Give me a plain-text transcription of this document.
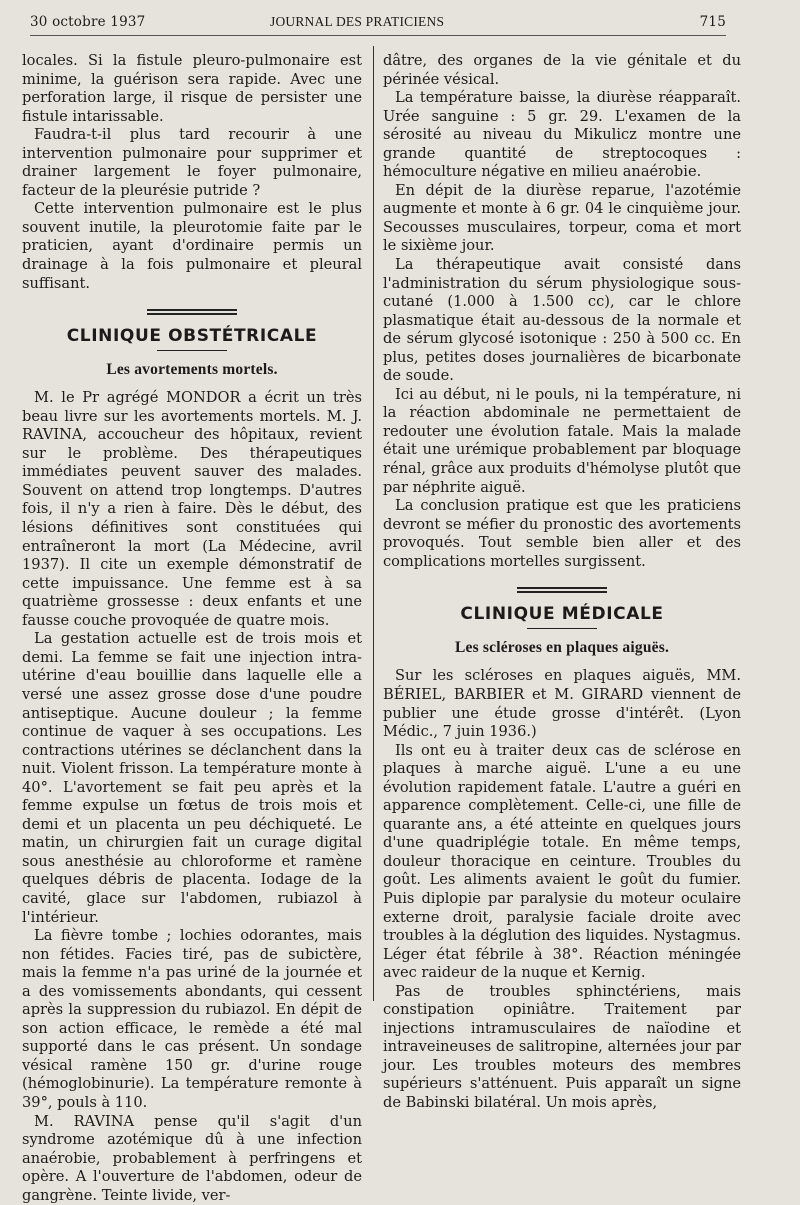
30 octobre 1937	JOURNAL DES PRATICIENS	715

locales. Si la fistule pleuro-pulmonaire est minime, la guérison sera rapide. Avec une perforation large, il risque de persister une fistule intarissable.

Faudra-t-il plus tard recourir à une intervention pulmonaire pour supprimer et drainer largement le foyer pulmonaire, facteur de la pleurésie putride ?

Cette intervention pulmonaire est le plus souvent inutile, la pleurotomie faite par le praticien, ayant d'ordinaire permis un drainage à la fois pulmonaire et pleural suffisant.

CLINIQUE OBSTÉTRICALE
Les avortements mortels.

M. le Pr agrégé MONDOR a écrit un très beau livre sur les avortements mortels. M. J. RAVINA, accoucheur des hôpitaux, revient sur le problème. Des thérapeutiques immédiates peuvent sauver des malades. Souvent on attend trop longtemps. D'autres fois, il n'y a rien à faire. Dès le début, des lésions définitives sont constituées qui entraîneront la mort (La Médecine, avril 1937). Il cite un exemple démonstratif de cette impuissance. Une femme est à sa quatrième grossesse : deux enfants et une fausse couche provoquée de quatre mois.

La gestation actuelle est de trois mois et demi. La femme se fait une injection intra-utérine d'eau bouillie dans laquelle elle a versé une assez grosse dose d'une poudre antiseptique. Aucune douleur ; la femme continue de vaquer à ses occupations. Les contractions utérines se déclanchent dans la nuit. Violent frisson. La température monte à 40°. L'avortement se fait peu après et la femme expulse un fœtus de trois mois et demi et un placenta un peu déchiqueté. Le matin, un chirurgien fait un curage digital sous anesthésie au chloroforme et ramène quelques débris de placenta. Iodage de la cavité, glace sur l'abdomen, rubiazol à l'intérieur.

La fièvre tombe ; lochies odorantes, mais non fétides. Facies tiré, pas de subictère, mais la femme n'a pas uriné de la journée et a des vomissements abondants, qui cessent après la suppression du rubiazol. En dépit de son action efficace, le remède a été mal supporté dans le cas présent. Un sondage vésical ramène 150 gr. d'urine rouge (hémoglobinurie). La température remonte à 39°, pouls à 110.

M. RAVINA pense qu'il s'agit d'un syndrome azotémique dû à une infection anaérobie, probablement à perfringens et opère. A l'ouverture de l'abdomen, odeur de gangrène. Teinte livide, ver-

dâtre, des organes de la vie génitale et du périnée vésical.

La température baisse, la diurèse réapparaît. Urée sanguine : 5 gr. 29. L'examen de la sérosité au niveau du Mikulicz montre une grande quantité de streptocoques : hémoculture négative en milieu anaérobie.

En dépit de la diurèse reparue, l'azotémie augmente et monte à 6 gr. 04 le cinquième jour. Secousses musculaires, torpeur, coma et mort le sixième jour.

La thérapeutique avait consisté dans l'administration du sérum physiologique sous-cutané (1.000 à 1.500 cc), car le chlore plasmatique était au-dessous de la normale et de sérum glycosé isotonique : 250 à 500 cc. En plus, petites doses journalières de bicarbonate de soude.

Ici au début, ni le pouls, ni la température, ni la réaction abdominale ne permettaient de redouter une évolution fatale. Mais la malade était une urémique probablement par bloquage rénal, grâce aux produits d'hémolyse plutôt que par néphrite aiguë.

La conclusion pratique est que les praticiens devront se méfier du pronostic des avortements provoqués. Tout semble bien aller et des complications mortelles surgissent.

CLINIQUE MÉDICALE
Les scléroses en plaques aiguës.

Sur les scléroses en plaques aiguës, MM. BÉRIEL, BARBIER et M. GIRARD viennent de publier une étude grosse d'intérêt. (Lyon Médic., 7 juin 1936.)

Ils ont eu à traiter deux cas de sclérose en plaques à marche aiguë. L'une a eu une évolution rapidement fatale. L'autre a guéri en apparence complètement. Celle-ci, une fille de quarante ans, a été atteinte en quelques jours d'une quadriplégie totale. En même temps, douleur thoracique en ceinture. Troubles du goût. Les aliments avaient le goût du fumier. Puis diplopie par paralysie du moteur oculaire externe droit, paralysie faciale droite avec troubles à la déglution des liquides. Nystagmus. Léger état fébrile à 38°. Réaction méningée avec raideur de la nuque et Kernig.

Pas de troubles sphinctériens, mais constipation opiniâtre. Traitement par injections intramusculaires de naïodine et intraveineuses de salitropine, alternées jour par jour. Les troubles moteurs des membres supérieurs s'atténuent. Puis apparaît un signe de Babinski bilatéral. Un mois après,
